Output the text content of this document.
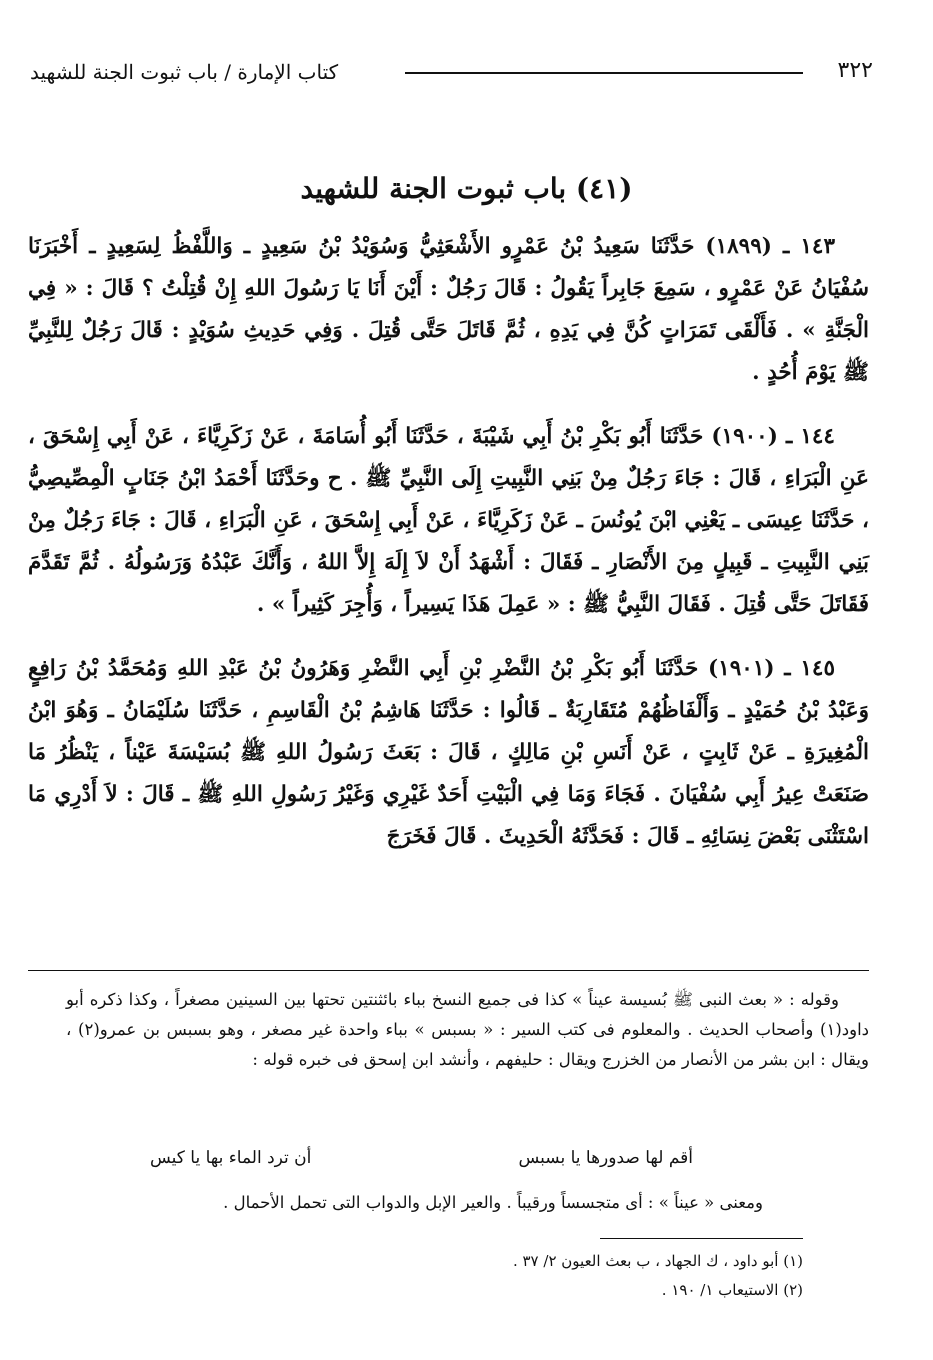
٣٢٢
كتاب الإمارة / باب ثبوت الجنة للشهيد
(٤١) باب ثبوت الجنة للشهيد

١٤٣ ـ (١٨٩٩) حَدَّثَنَا سَعِيدُ بْنُ عَمْرٍو الأَشْعَثِيُّ وَسُوَيْدُ بْنُ سَعِيدٍ ـ وَاللَّفْظُ لِسَعِيدٍ ـ أَخْبَرَنَا سُفْيَانُ عَنْ عَمْرٍو ، سَمِعَ جَابِراً يَقُولُ : قَالَ رَجُلٌ : أَيْنَ أَنَا يَا رَسُولَ اللهِ إِنْ قُتِلْتُ ؟ قَالَ : « فِي الْجَنَّةِ » . فَأَلْقَى تَمَرَاتٍ كُنَّ فِي يَدِهِ ، ثُمَّ قَاتَلَ حَتَّى قُتِلَ . وَفِي حَدِيثِ سُوَيْدٍ : قَالَ رَجُلٌ لِلنَّبِيِّ ﷺ يَوْمَ أُحُدٍ .

١٤٤ ـ (١٩٠٠) حَدَّثَنَا أَبُو بَكْرِ بْنُ أَبِي شَيْبَةَ ، حَدَّثَنَا أَبُو أُسَامَةَ ، عَنْ زَكَرِيَّاءَ ، عَنْ أَبِي إِسْحَقَ ، عَنِ الْبَرَاءِ ، قَالَ : جَاءَ رَجُلٌ مِنْ بَنِي النَّبِيتِ إِلَى النَّبِيِّ ﷺ . ح وحَدَّثَنَا أَحْمَدُ ابْنُ جَنَابٍ الْمِصِّيصِيُّ ، حَدَّثَنَا عِيسَى ـ يَعْنِي ابْنَ يُونُسَ ـ عَنْ زَكَرِيَّاءَ ، عَنْ أَبِي إِسْحَقَ ، عَنِ الْبَرَاءِ ، قَالَ : جَاءَ رَجُلٌ مِنْ بَنِي النَّبِيتِ ـ قَبِيلٍ مِنَ الأَنْصَارِ ـ فَقَالَ : أَشْهَدُ أَنْ لاَ إِلَهَ إِلاَّ اللهُ ، وَأَنَّكَ عَبْدُهُ وَرَسُولُهُ . ثُمَّ تَقَدَّمَ فَقَاتَلَ حَتَّى قُتِلَ . فَقَالَ النَّبِيُّ ﷺ : « عَمِلَ هَذَا يَسِيراً ، وَأُجِرَ كَثِيراً » .

١٤٥ ـ (١٩٠١) حَدَّثَنَا أَبُو بَكْرِ بْنُ النَّضْرِ بْنِ أَبِي النَّضْرِ وَهَرُونُ بْنُ عَبْدِ اللهِ وَمُحَمَّدُ بْنُ رَافِعٍ وَعَبْدُ بْنُ حُمَيْدٍ ـ وَأَلْفَاظُهُمْ مُتَقَارِبَةٌ ـ قَالُوا : حَدَّثَنَا هَاشِمُ بْنُ الْقَاسِمِ ، حَدَّثَنَا سُلَيْمَانُ ـ وَهُوَ ابْنُ الْمُغِيرَةِ ـ عَنْ ثَابِتٍ ، عَنْ أَنَسِ بْنِ مَالِكٍ ، قَالَ : بَعَثَ رَسُولُ اللهِ ﷺ بُسَيْسَةَ عَيْناً ، يَنْظُرُ مَا صَنَعَتْ عِيرُ أَبِي سُفْيَانَ . فَجَاءَ وَمَا فِي الْبَيْتِ أَحَدٌ غَيْرِي وَغَيْرُ رَسُولِ اللهِ ﷺ ـ قَالَ : لاَ أَدْرِي مَا اسْتَثْنَى بَعْضَ نِسَائِهِ ـ قَالَ : فَحَدَّثَهُ الْحَدِيثَ . قَالَ فَخَرَجَ

وقوله : « بعث النبى ﷺ بُسيسة عيناً » كذا فى جميع النسخ بباء بائثنتين تحتها بين السينين مصغراً ، وكذا ذكره أبو داود(١) وأصحاب الحديث . والمعلوم فى كتب السير : « بسبس » بباء واحدة غير مصغر ، وهو بسبس بن عمرو(٢) ، ويقال : ابن بشر من الأنصار من الخزرج ويقال : حليفهم ، وأنشد ابن إسحق فى خبره قوله :

أقم لها صدورها يا بسبس
أن ترد الماء بها يا كيس
ومعنى « عيناً » : أى متجسساً ورقيباً . والعير الإبل والدواب التى تحمل الأحمال .
(١) أبو داود ، ك الجهاد ، ب بعث العيون ٢/ ٣٧ .
(٢) الاستيعاب ١/ ١٩٠ .
